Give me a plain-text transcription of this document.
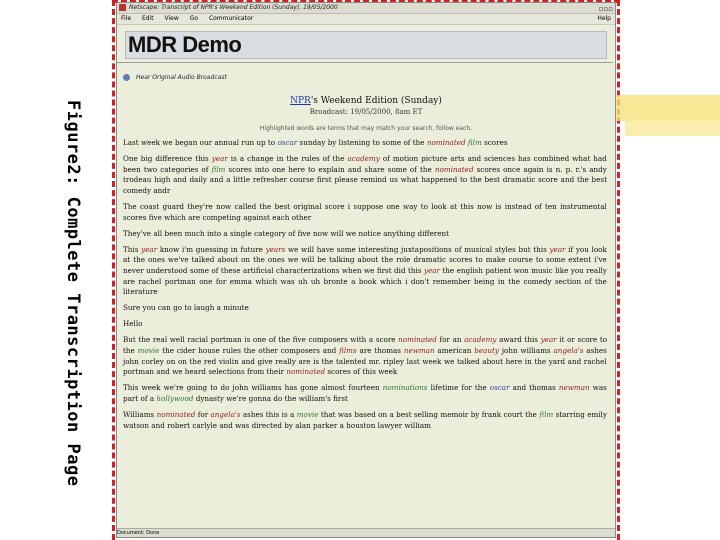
Figure2: Complete Transcription Page
Netscape: Transcript of NPR's Weekend Edition (Sunday), 19/05/2000	▫▫▫
File Edit View Go Communicator	Help
MDR Demo
Hear Original Audio Broadcast
NPR's Weekend Edition (Sunday)
Broadcast: 19/05/2000, 8am ET
Highlighted words are terms that may match your search, follow each.

Last week we began our annual run up to oscar sunday by listening to some of the nominated film scores

One big difference this year is a change in the rules of the academy of motion picture arts and sciences has combined what had been two categories of film scores into one here to explain and share some of the nominated scores once again is n. p. r.'s andy trodeau high and daily and a little refresher course first please remind us what happened to the best dramatic score and the best comedy andr

The coast guard they're now called the best original score i suppose one way to look at this now is instead of ten instrumental scores five which are competing against each other

They've all been much into a single category of five now will we notice anything different

This year know i'm guessing in future years we will have some interesting juxtapositions of musical styles but this year if you look at the ones we've talked about on the ones we will be talking about the role dramatic scores to make course to some extent i've never understood some of these artificial characterizations when we first did this year the english patient won music like you really are rachel portman one for emma which was uh uh bronte a book which i don't remember being in the comedy section of the literature

Sure you can go to laugh a minute

Hello

But the real well racial portman is one of the five composers with a score nominated for an academy award this year it or score to the movie the cider house rules the other composers and films are thomas newman american beauty john williams angela's ashes john corley on on the red violin and give really are is the talented mr. ripley last week we talked about here in the yard and rachel portman and we heard selections from their nominated scores of this week

This week we're going to do john williams has gone almost fourteen nominations lifetime for the oscar and thomas newman was part of a hollywood dynasty we're gonna do the william's first

Williams nominated for angela's ashes this is a movie that was based on a best selling memoir by frank court the film starring emily watson and robert carlyle and was directed by alan parker a houston lawyer william

Document: Done
